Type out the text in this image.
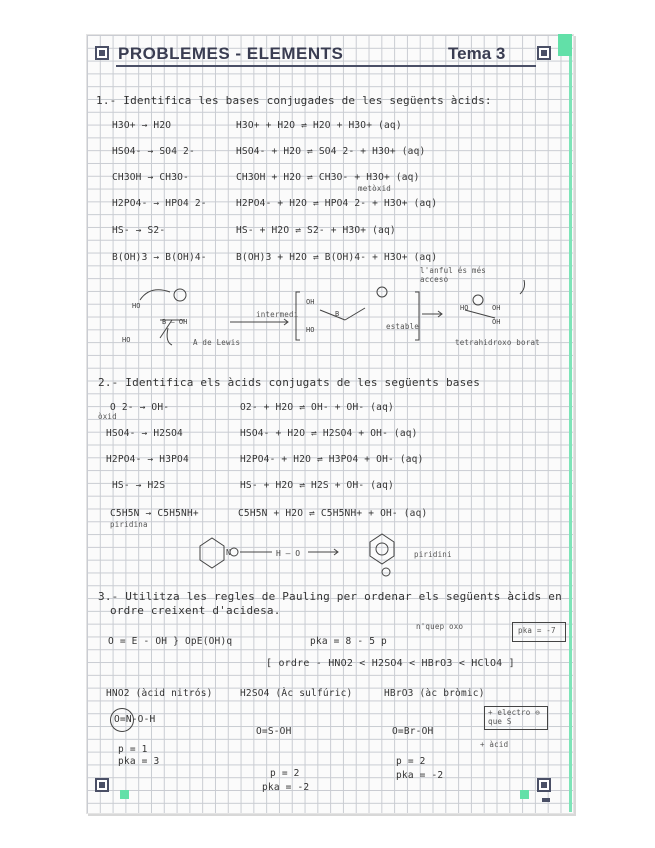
PROBLEMES - ELEMENTS	Tema 3
1.- Identifica les bases conjugades de les següents àcids:
H3O+ → H2O	H3O+ + H2O ⇌ H2O + H3O+ (aq)
HSO4- → SO4 2-	HSO4- + H2O ⇌ SO4 2- + H3O+ (aq)
CH3OH → CH3O-	CH3OH + H2O ⇌ CH3O- + H3O+ (aq)
metòxid
H2PO4- → HPO4 2-	H2PO4- + H2O ⇌ HPO4 2- + H3O+ (aq)
HS- → S2-	HS- + H2O ⇌ S2- + H3O+ (aq)
B(OH)3 → B(OH)4-	B(OH)3 + H2O ⇌ B(OH)4- + H3O+ (aq)
l'anful és més acceso
HO
B — OH
HO
B
OH
HO
HO	OH
OH
A de Lewis
intermedi
estable
tetrahidroxo borat
2.- Identifica els àcids conjugats de les següents bases
O 2- → OH-	O2- + H2O ⇌ OH- + OH- (aq)
òxid
HSO4- → H2SO4	HSO4- + H2O ⇌ H2SO4 + OH- (aq)
H2PO4- → H3PO4	H2PO4- + H2O ⇌ H3PO4 + OH- (aq)
HS- → H2S	HS- + H2O ⇌ H2S + OH- (aq)
C5H5N → C5H5NH+	C5H5N + H2O ⇌ C5H5NH+ + OH- (aq)
piridina
N	H — O	piridini
3.- Utilitza les regles de Pauling per ordenar els següents àcids en
ordre creixent d'acidesa.
O = E - OH } OpE(OH)q	pka = 8 - 5 p
n'quep oxo	pka = -7
[ ordre - HNO2 < H2SO4 < HBrO3 < HClO4 ]
HNO2 (àcid nitrós)	H2SO4 (Àc sulfúric)	HBrO3 (àc bròmic)
O=N-O-H
O=S-OH	O=Br-OH
+ electro ⊖ que S
+ àcid
p = 1
pka = 3
p = 2
pka = -2
p = 2
pka = -2
